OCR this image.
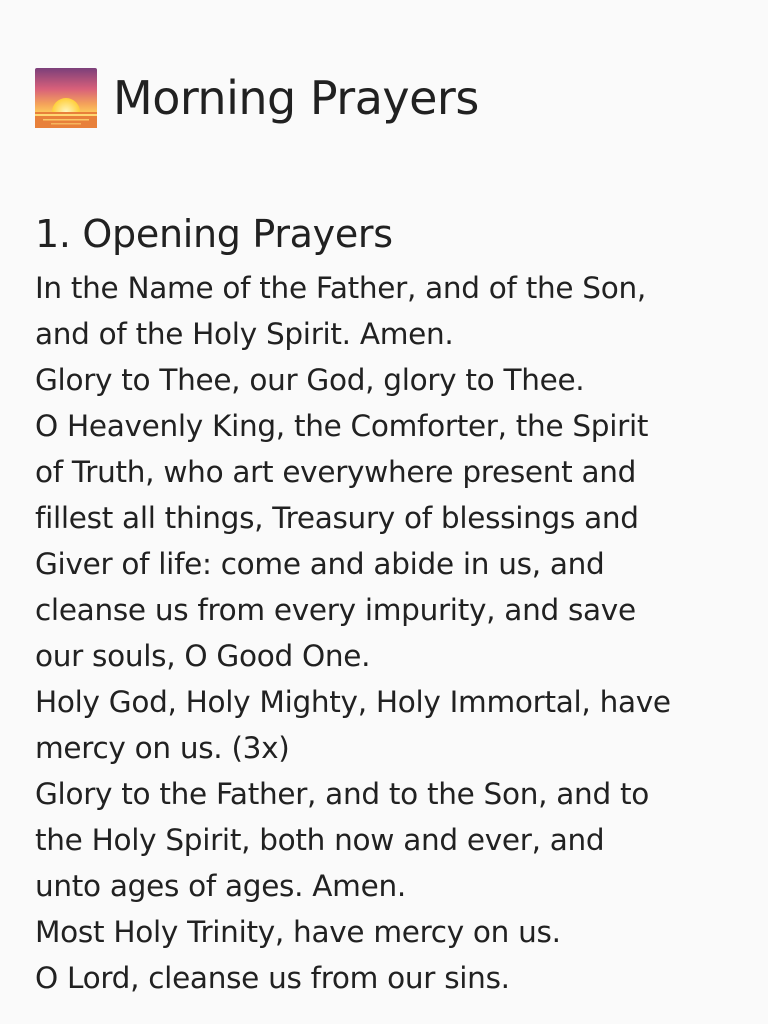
Morning Prayers
1. Opening Prayers
In the Name of the Father, and of the Son,
and of the Holy Spirit. Amen.
Glory to Thee, our God, glory to Thee.
O Heavenly King, the Comforter, the Spirit
of Truth, who art everywhere present and
fillest all things, Treasury of blessings and
Giver of life: come and abide in us, and
cleanse us from every impurity, and save
our souls, O Good One.
Holy God, Holy Mighty, Holy Immortal, have
mercy on us. (3x)
Glory to the Father, and to the Son, and to
the Holy Spirit, both now and ever, and
unto ages of ages. Amen.
Most Holy Trinity, have mercy on us.
O Lord, cleanse us from our sins.
